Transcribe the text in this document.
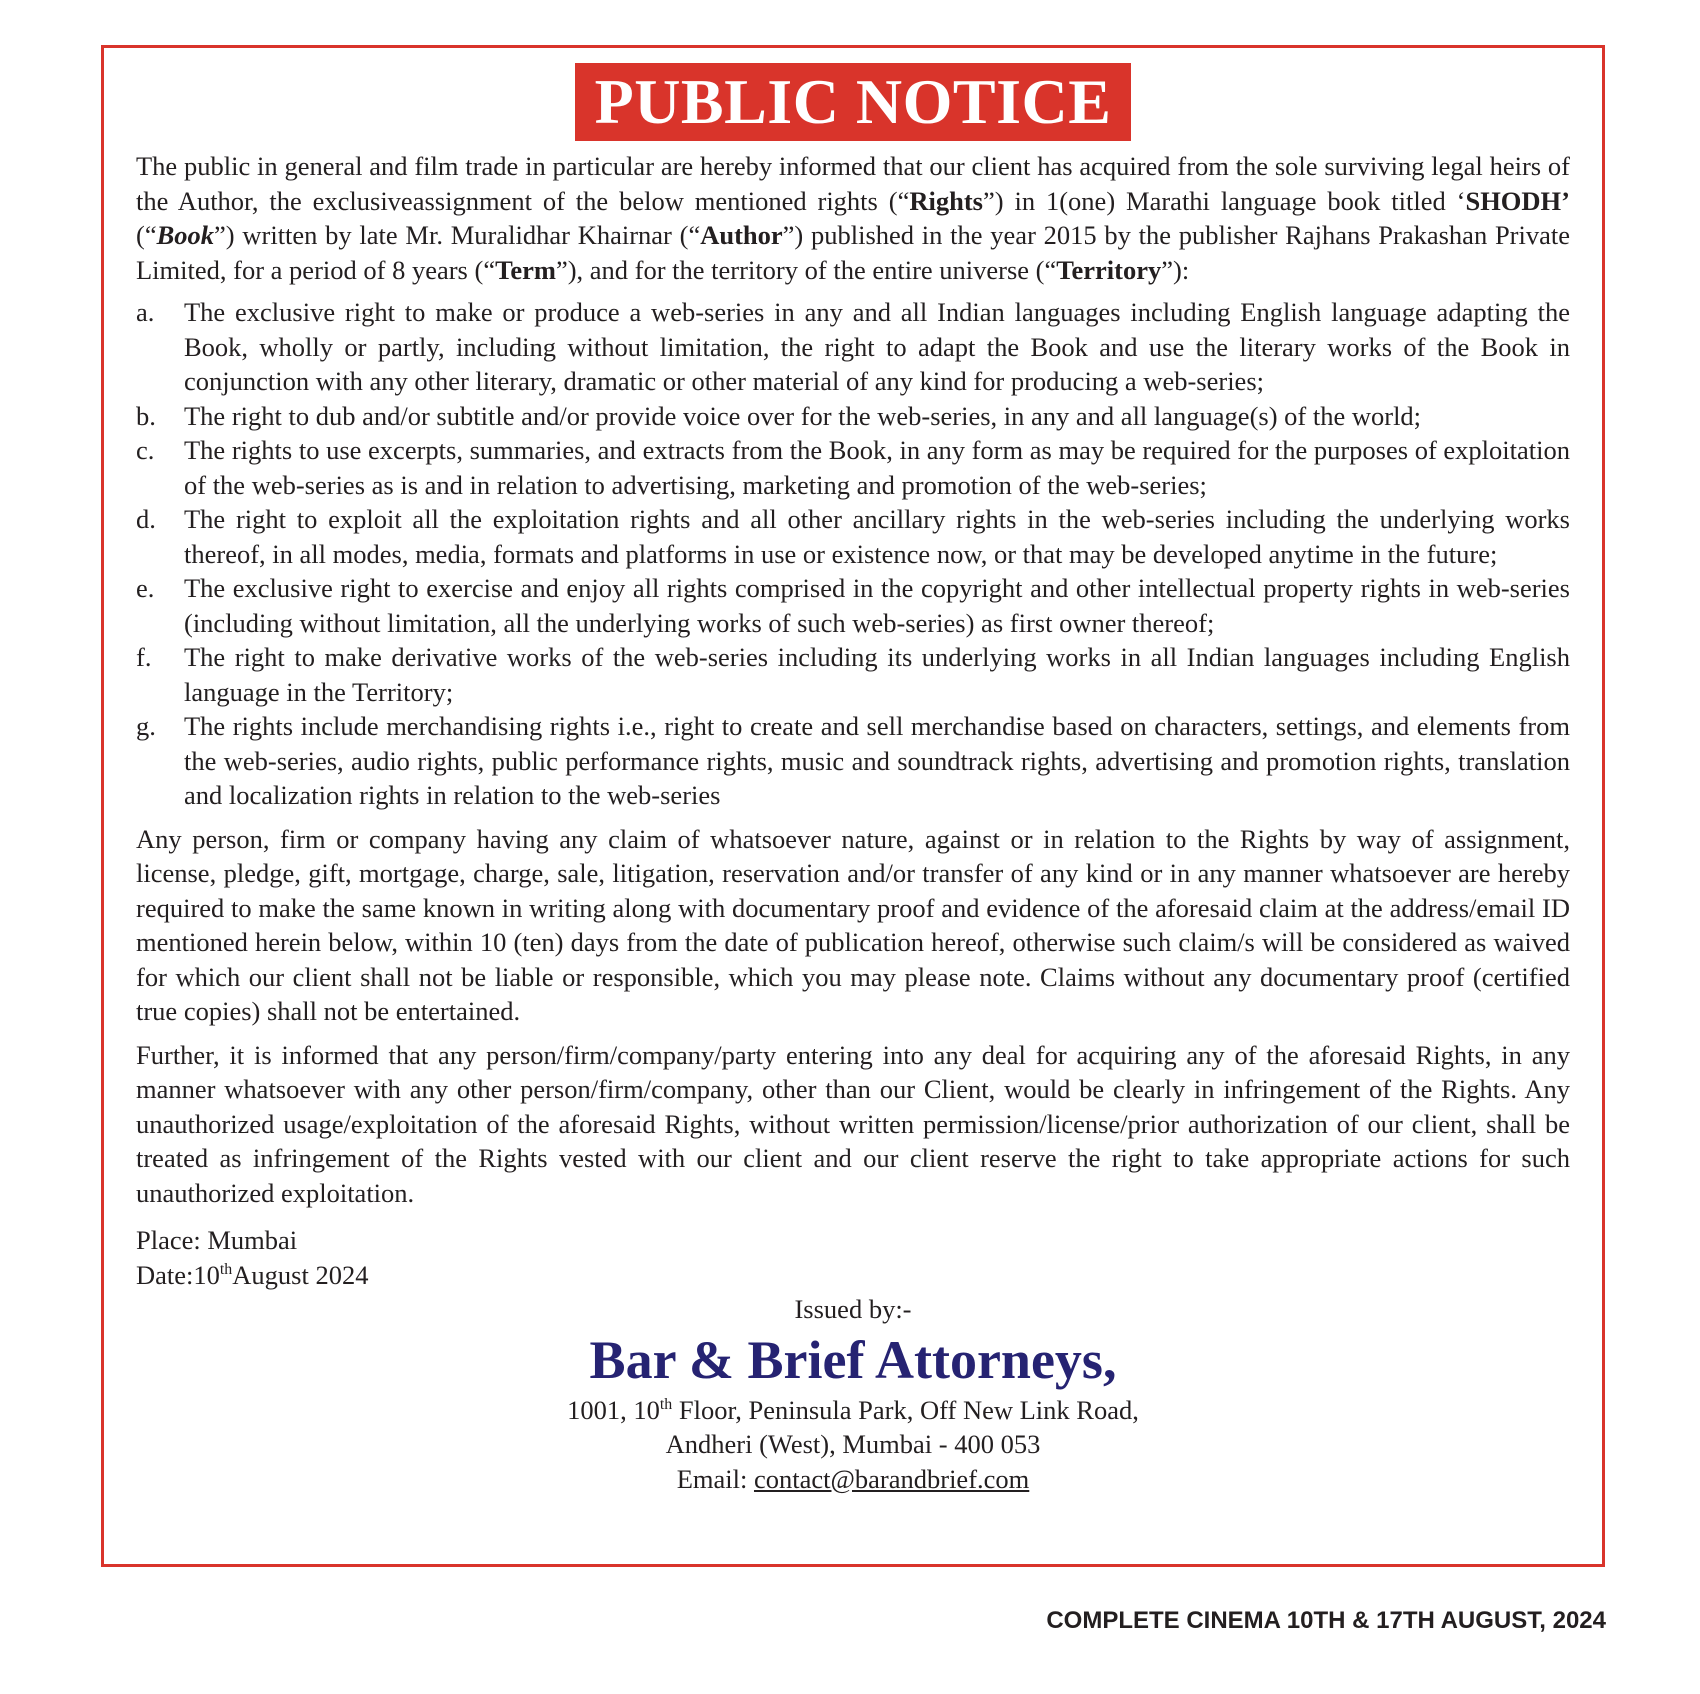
PUBLIC NOTICE

The public in general and film trade in particular are hereby informed that our client has acquired from the sole surviving legal heirs of the Author, the exclusiveassignment of the below mentioned rights (“Rights”) in 1(one) Marathi language book titled ‘SHODH’ (“Book”) written by late Mr. Muralidhar Khairnar (“Author”) published in the year 2015 by the publisher Rajhans Prakashan Private Limited, for a period of 8 years (“Term”), and for the territory of the entire universe (“Territory”):

a.	The exclusive right to make or produce a web-series in any and all Indian languages including English language adapting the Book, wholly or partly, including without limitation, the right to adapt the Book and use the literary works of the Book in conjunction with any other literary, dramatic or other material of any kind for producing a web-series;
b.	The right to dub and/or subtitle and/or provide voice over for the web-series, in any and all language(s) of the world;
c.	The rights to use excerpts, summaries, and extracts from the Book, in any form as may be required for the purposes of exploitation of the web-series as is and in relation to advertising, marketing and promotion of the web-series;
d.	The right to exploit all the exploitation rights and all other ancillary rights in the web-series including the underlying works thereof, in all modes, media, formats and platforms in use or existence now, or that may be developed anytime in the future;
e.	The exclusive right to exercise and enjoy all rights comprised in the copyright and other intellectual property rights in web-series (including without limitation, all the underlying works of such web-series) as first owner thereof;
f.	The right to make derivative works of the web-series including its underlying works in all Indian languages including English language in the Territory;
g.	The rights include merchandising rights i.e., right to create and sell merchandise based on characters, settings, and elements from the web-series, audio rights, public performance rights, music and soundtrack rights, advertising and promotion rights, translation and localization rights in relation to the web-series

Any person, firm or company having any claim of whatsoever nature, against or in relation to the Rights by way of assignment, license, pledge, gift, mortgage, charge, sale, litigation, reservation and/or transfer of any kind or in any manner whatsoever are hereby required to make the same known in writing along with documentary proof and evidence of the aforesaid claim at the address/email ID mentioned herein below, within 10 (ten) days from the date of publication hereof, otherwise such claim/s will be considered as waived for which our client shall not be liable or responsible, which you may please note. Claims without any documentary proof (certified true copies) shall not be entertained.

Further, it is informed that any person/firm/company/party entering into any deal for acquiring any of the aforesaid Rights, in any manner whatsoever with any other person/firm/company, other than our Client, would be clearly in infringement of the Rights. Any unauthorized usage/exploitation of the aforesaid Rights, without written permission/license/prior authorization of our client, shall be treated as infringement of the Rights vested with our client and our client reserve the right to take appropriate actions for such unauthorized exploitation.

Place: Mumbai

Date:10thAugust 2024

Issued by:-

Bar & Brief Attorneys,

1001, 10th Floor, Peninsula Park, Off New Link Road,

Andheri (West), Mumbai - 400 053

Email: contact@barandbrief.com

COMPLETE CINEMA 10TH & 17TH AUGUST, 2024
